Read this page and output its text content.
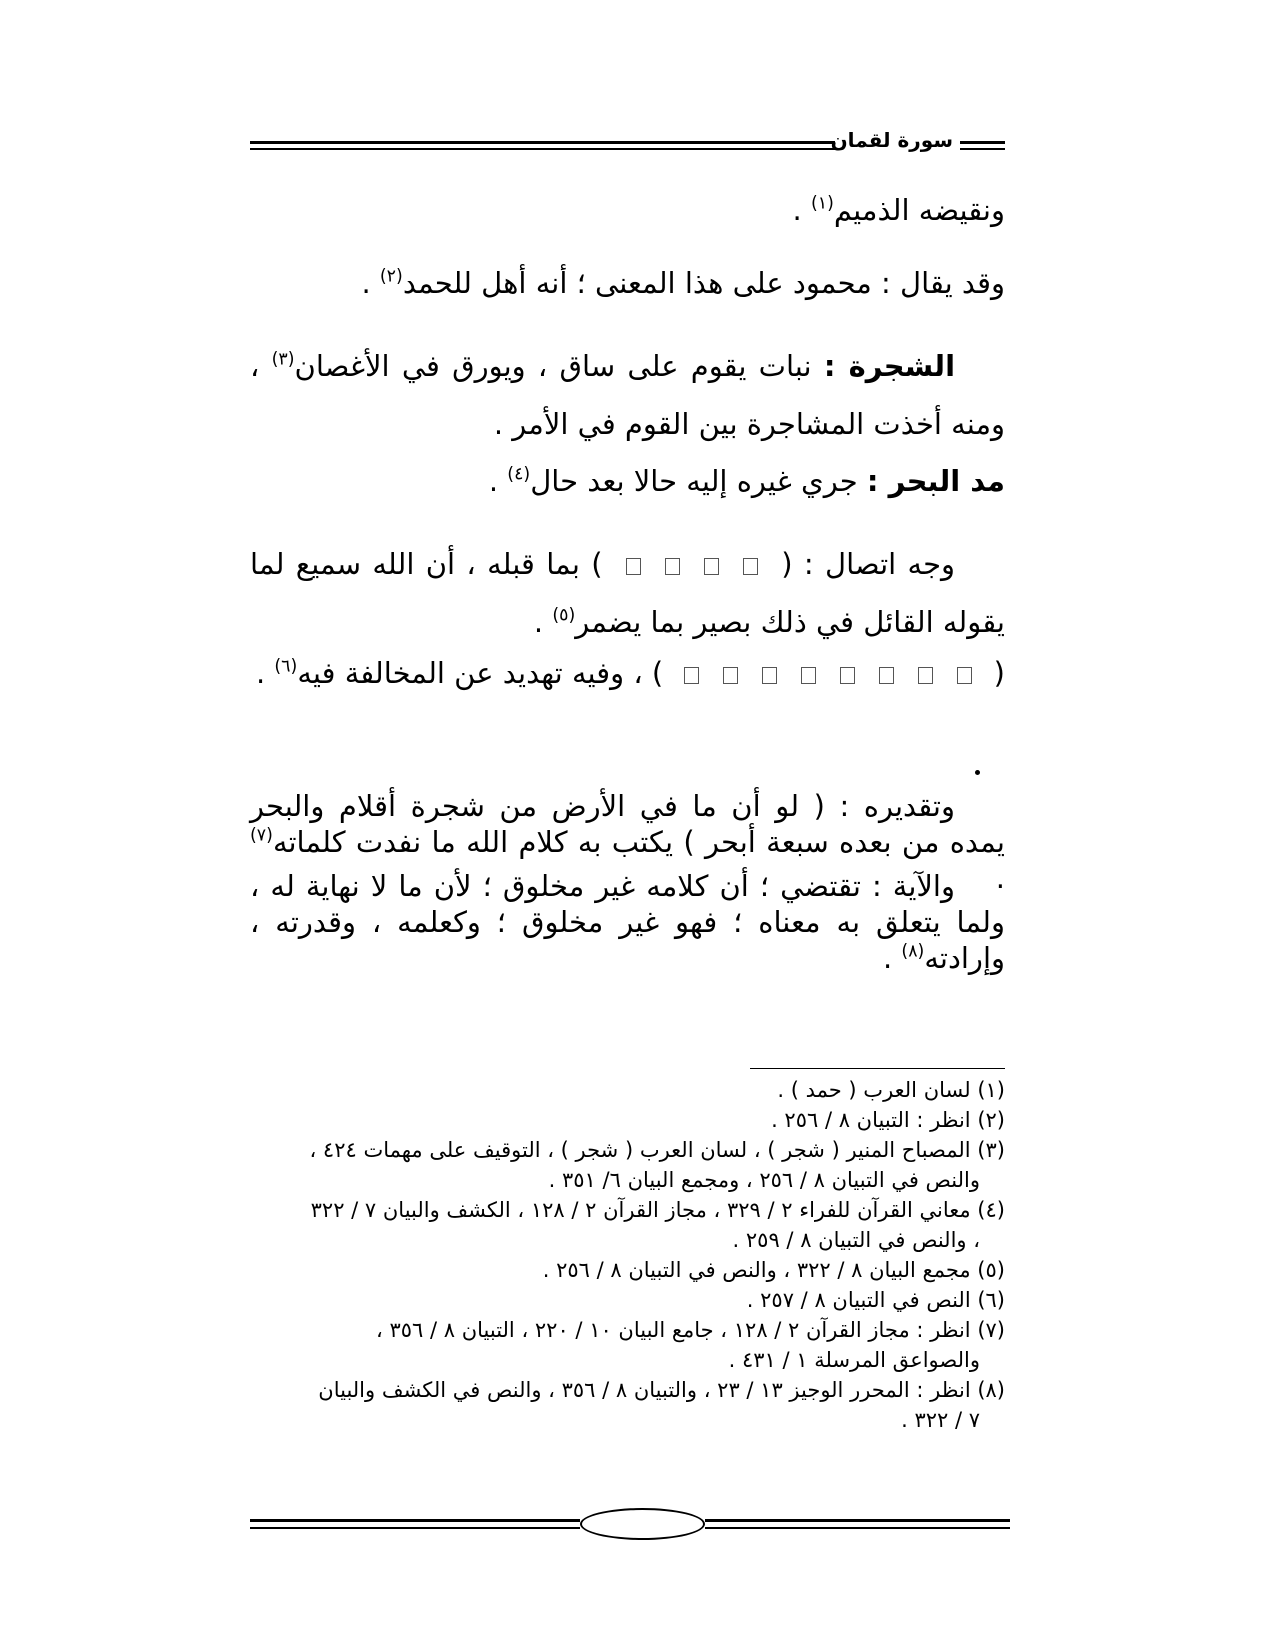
سورة لقمان
ونقيضه الذميم$^{(١)}$ .
وقد يقال : محمود على هذا المعنى ؛ أنه أهل للحمد$^{(٢)}$ .
الشجرة : نبات يقوم على ساق ، ويورق في الأغصان$^{(٣)}$ ، ومنه أخذت المشاجرة بين القوم في الأمر .
مد البحر : جري غيره إليه حالا بعد حال$^{(٤)}$ .
وجه اتصال : (  ) بما قبله ، أن الله سميع لما يقوله القائل في ذلك بصير بما يضمر$^{(٥)}$ .
(  ) ، وفيه تهديد عن المخالفة فيه$^{(٦)}$ .
وتقديره : ( لو أن ما في الأرض من شجرة أقلام والبحر يمده من بعده سبعة أبحر ) يكتب به كلام الله ما نفدت كلماته$^{(٧)}$ .
والآية : تقتضي ؛ أن كلامه غير مخلوق ؛ لأن ما لا نهاية له ، ولما يتعلق به معناه ؛ فهو غير مخلوق ؛ وكعلمه ، وقدرته ، وإرادته$^{(٨)}$ .
(١) لسان العرب ( حمد ) .
(٢) انظر : التبيان ٨ / ٢٥٦ .
(٣) المصباح المنير ( شجر ) ، لسان العرب ( شجر ) ، التوقيف على مهمات ٤٢٤ ،
والنص في التبيان ٨ / ٢٥٦ ، ومجمع البيان ٦/ ٣٥١ .
(٤) معاني القرآن للفراء ٢ / ٣٢٩ ، مجاز القرآن ٢ / ١٢٨ ، الكشف والبيان ٧ / ٣٢٢
، والنص في التبيان ٨ / ٢٥٩ .
(٥) مجمع البيان ٨ / ٣٢٢ ، والنص في التبيان ٨ / ٢٥٦ .
(٦) النص في التبيان ٨ / ٢٥٧ .
(٧) انظر : مجاز القرآن ٢ / ١٢٨ ، جامع البيان ١٠ / ٢٢٠ ، التبيان ٨ / ٣٥٦ ،
والصواعق المرسلة ١ / ٤٣١ .
(٨) انظر : المحرر الوجيز ١٣ / ٢٣ ، والتبيان ٨ / ٣٥٦ ، والنص في الكشف والبيان
٧ / ٣٢٢ .
